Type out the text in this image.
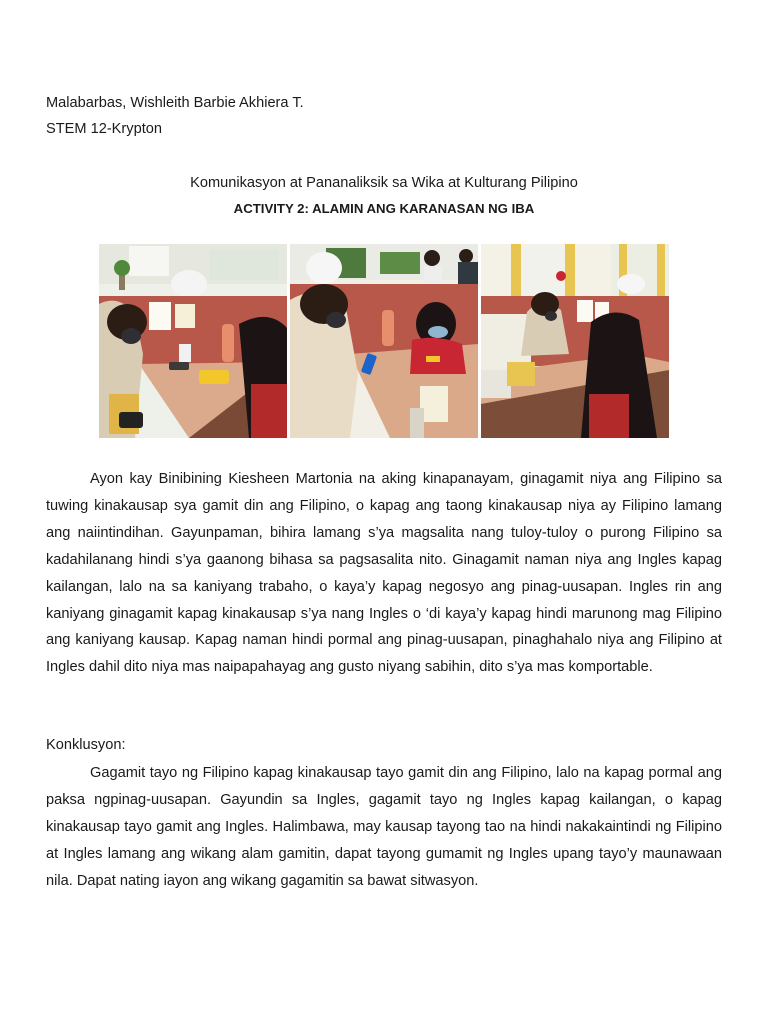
Malabarbas, Wishleith Barbie Akhiera T.
STEM 12-Krypton
Komunikasyon at Pananaliksik sa Wika at Kulturang Pilipino
ACTIVITY 2: ALAMIN ANG KARANASAN NG IBA

Ayon kay Binibining Kiesheen Martonia na aking kinapanayam, ginagamit niya ang Filipino sa tuwing kinakausap sya gamit din ang Filipino, o kapag ang taong kinakausap niya ay Filipino lamang ang naiintindihan. Gayunpaman, bihira lamang s’ya magsalita nang tuloy-tuloy o purong Filipino sa kadahilanang hindi s’ya gaanong bihasa sa pagsasalita nito. Ginagamit naman niya ang Ingles kapag kailangan, lalo na sa kaniyang trabaho, o kaya’y kapag negosyo ang pinag-uusapan. Ingles rin ang kaniyang ginagamit kapag kinakausap s’ya nang Ingles o ‘di kaya’y kapag hindi marunong mag Filipino ang kaniyang kausap. Kapag naman hindi pormal ang pinag-uusapan, pinaghahalo niya ang Filipino at Ingles dahil dito niya mas naipapahayag ang gusto niyang sabihin, dito s’ya mas komportable.

Konklusyon:

Gagamit tayo ng Filipino kapag kinakausap tayo gamit din ang Filipino, lalo na kapag pormal ang paksa ngpinag-uusapan. Gayundin sa Ingles, gagamit tayo ng Ingles kapag kailangan, o kapag kinakausap tayo gamit ang Ingles. Halimbawa, may kausap tayong tao na hindi nakakaintindi ng Filipino at Ingles lamang ang wikang alam gamitin, dapat tayong gumamit ng Ingles upang tayo’y maunawaan nila. Dapat nating iayon ang wikang gagamitin sa bawat sitwasyon.
